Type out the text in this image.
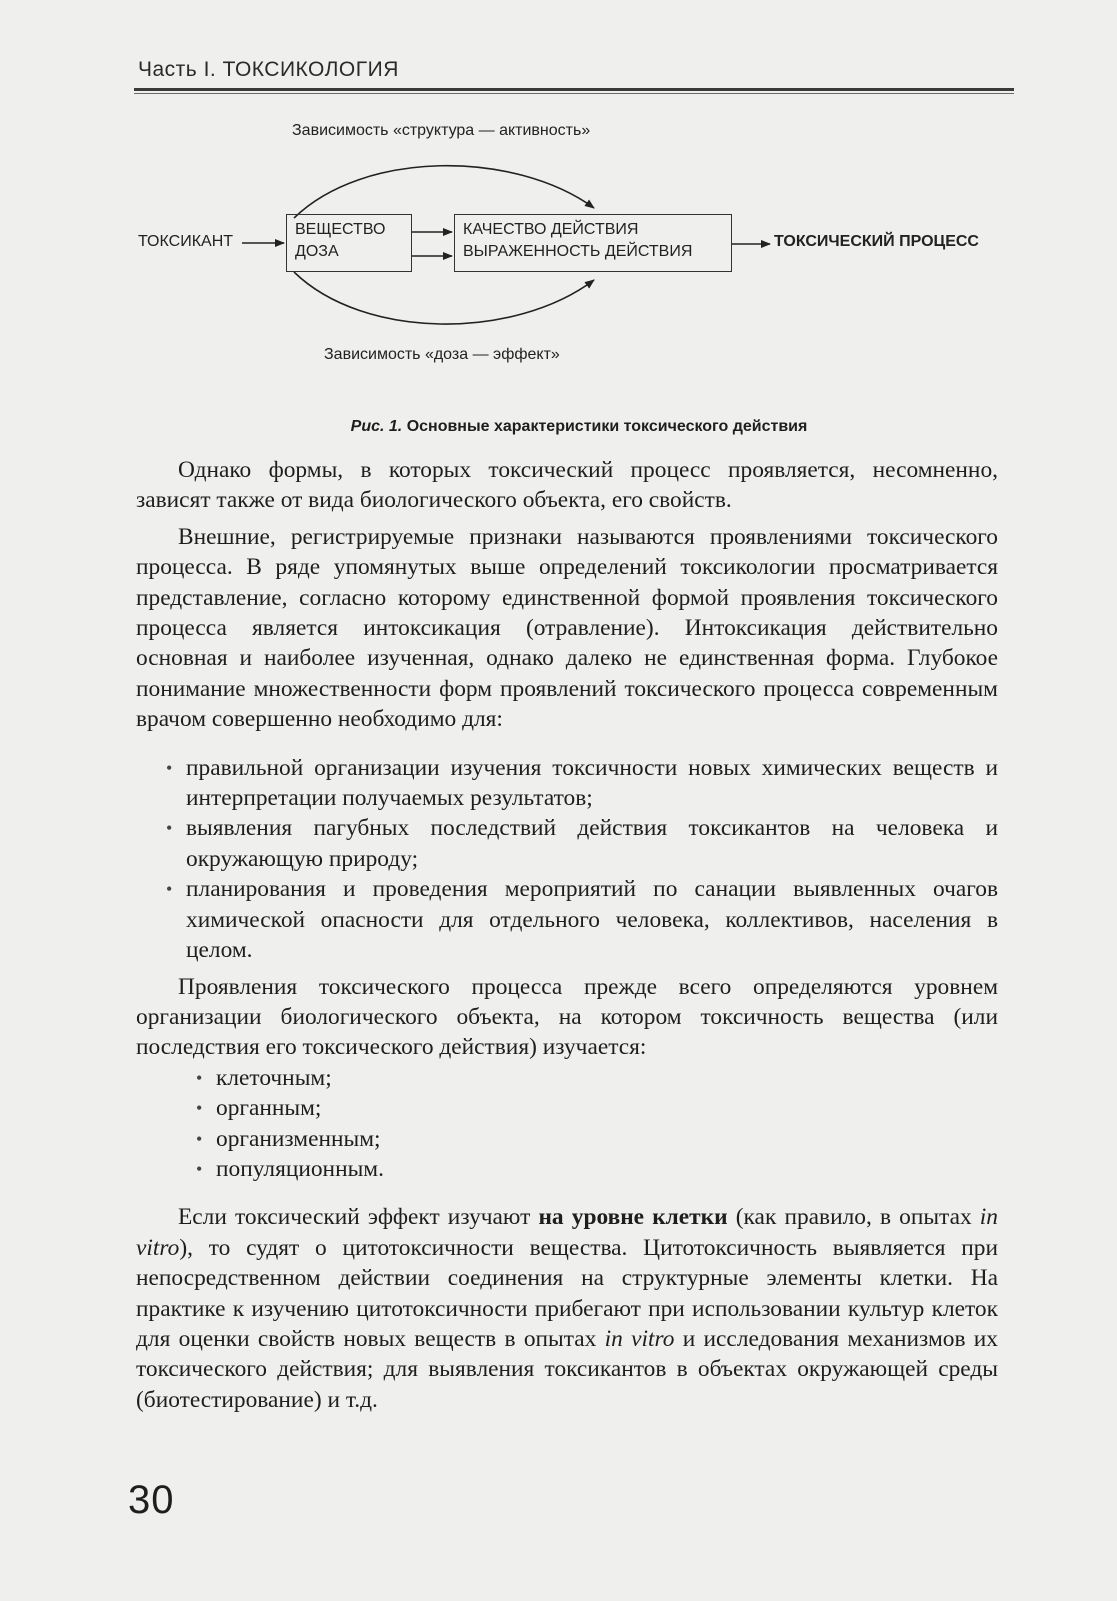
Часть I. ТОКСИКОЛОГИЯ
Зависимость «структура — активность»
ТОКСИКАНТ
ВЕЩЕСТВО
ДОЗА
КАЧЕСТВО ДЕЙСТВИЯ
ВЫРАЖЕННОСТЬ ДЕЙСТВИЯ
ТОКСИЧЕСКИЙ ПРОЦЕСС
Зависимость «доза — эффект»
Рис. 1. Основные характеристики токсического действия

Однако формы, в которых токсический процесс проявляется, несомненно, зависят также от вида биологического объекта, его свойств.

Внешние, регистрируемые признаки называются проявлениями токсического процесса. В ряде упомянутых выше определений токсикологии просматривается представление, согласно которому единственной формой проявления токсического процесса является интоксикация (отравление). Интоксикация действительно основная и наиболее изученная, однако далеко не единственная форма. Глубокое понимание множественности форм проявлений токсического процесса современным врачом совершенно необходимо для:

• правильной организации изучения токсичности новых химических веществ и интерпретации получаемых результатов;
• выявления пагубных последствий действия токсикантов на человека и окружающую природу;
• планирования и проведения мероприятий по санации выявленных очагов химической опасности для отдельного человека, коллективов, населения в целом.

Проявления токсического процесса прежде всего определяются уровнем организации биологического объекта, на котором токсичность вещества (или последствия его токсического действия) изучается:

• клеточным;
• органным;
• организменным;
• популяционным.

Если токсический эффект изучают на уровне клетки (как правило, в опытах in vitro), то судят о цитотоксичности вещества. Цитотоксичность выявляется при непосредственном действии соединения на структурные элементы клетки. На практике к изучению цитотоксичности прибегают при использовании культур клеток для оценки свойств новых веществ в опытах in vitro и исследования механизмов их токсического действия; для выявления токсикантов в объектах окружающей среды (биотестирование) и т.д.

30
